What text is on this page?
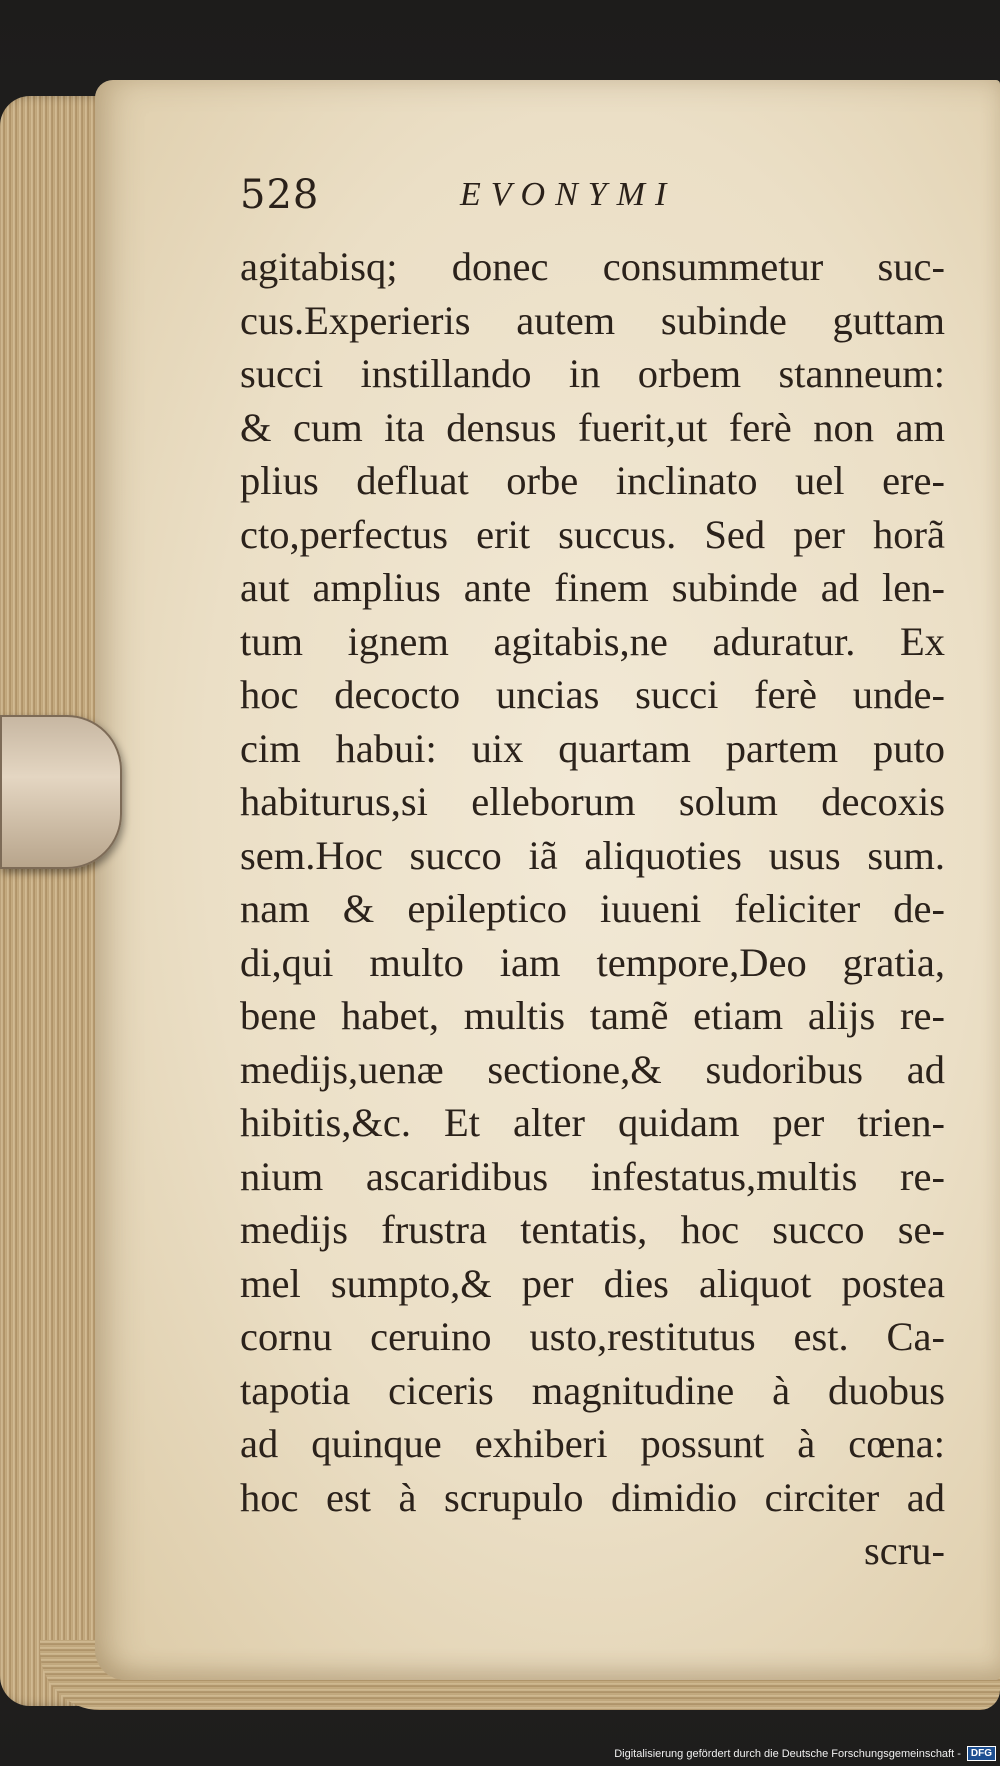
528	EVONYMI
agitabisq; donec consummetur suc-
cus.Experieris autem subinde guttam
succi instillando in orbem stanneum:
& cum ita densus fuerit,ut ferè non am
plius defluat orbe inclinato uel ere-
cto,perfectus erit succus. Sed per horã
aut amplius ante finem subinde ad len-
tum ignem agitabis,ne aduratur. Ex
hoc decocto uncias succi ferè unde-
cim habui: uix quartam partem puto
habiturus,si elleborum solum decoxis
sem.Hoc succo iã aliquoties usus sum.
nam & epileptico iuueni feliciter de-
di,qui multo iam tempore,Deo gratia,
bene habet, multis tamẽ etiam alijs re-
medijs,uenæ sectione,& sudoribus ad
hibitis,&c. Et alter quidam per trien-
nium ascaridibus infestatus,multis re-
medijs frustra tentatis, hoc succo se-
mel sumpto,& per dies aliquot postea
cornu ceruino usto,restitutus est. Ca-
tapotia ciceris magnitudine à duobus
ad quinque exhiberi possunt à cœna:
hoc est à scrupulo dimidio circiter ad
scru-
Digitalisierung gefördert durch die Deutsche Forschungsgemeinschaft -	DFG
